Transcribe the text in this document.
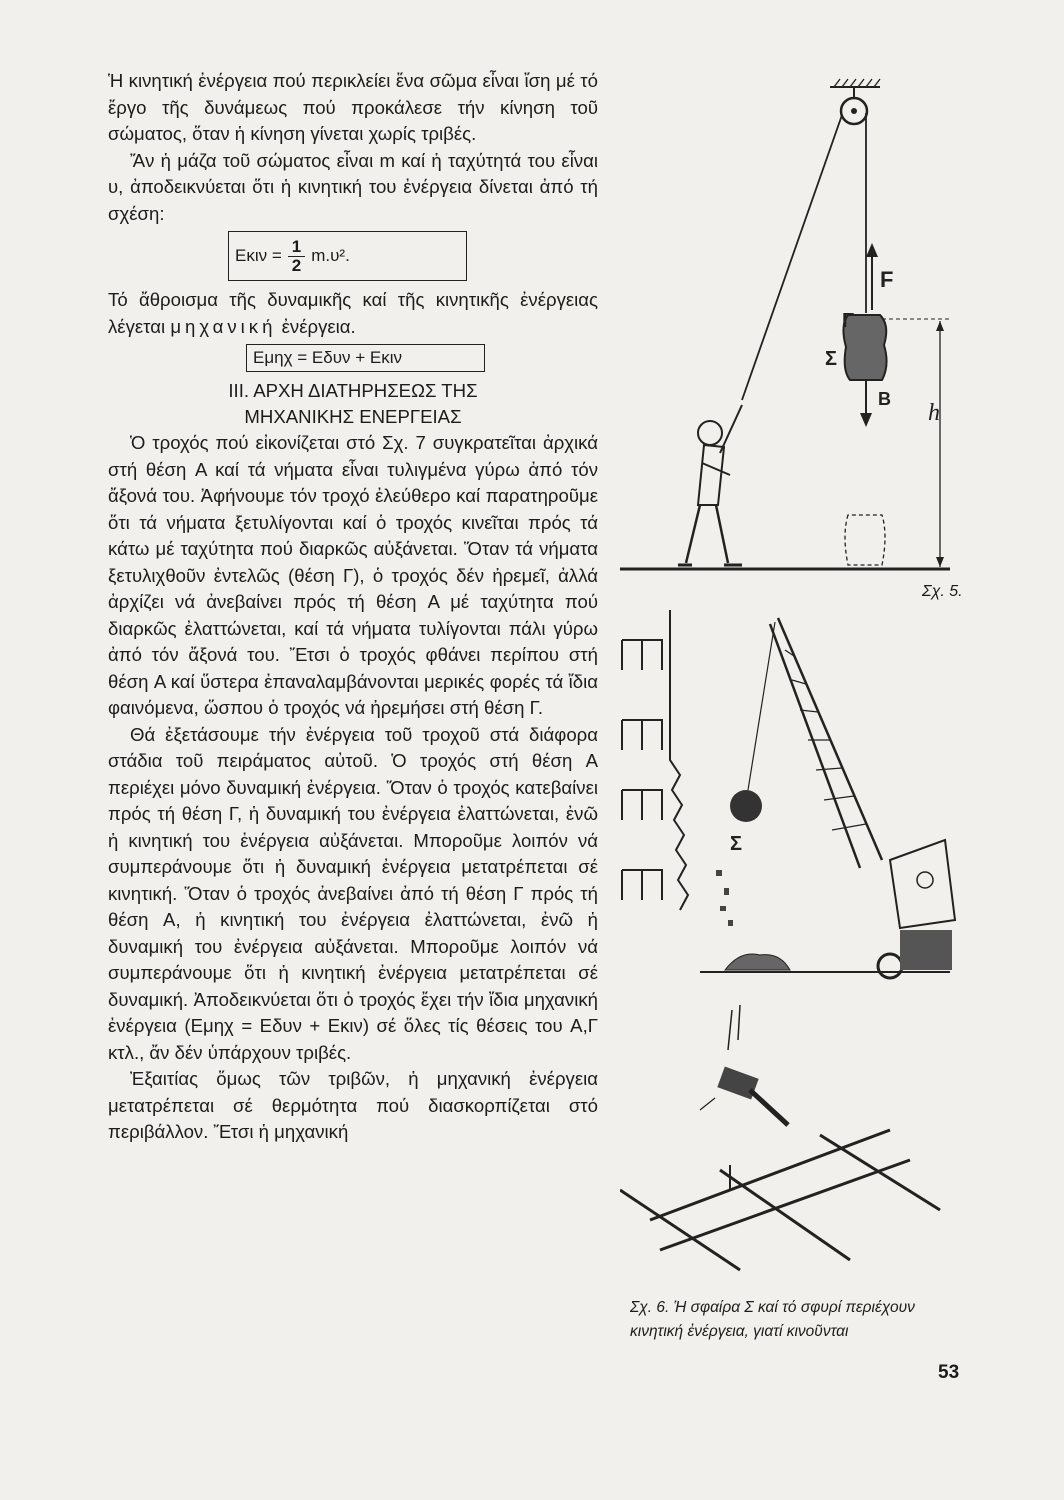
Ἡ κινητική ἐνέργεια πού περικλείει ἕνα σῶμα εἶναι ἴση μέ τό ἔργο τῆς δυνάμεως πού προκάλεσε τήν κίνηση τοῦ σώματος, ὅταν ἡ κίνηση γίνεται χωρίς τριβές.

Ἄν ἡ μάζα τοῦ σώματος εἶναι m καί ἡ ταχύτητά του εἶναι υ, ἀποδεικνύεται ὅτι ἡ κινητική του ἐνέργεια δίνεται ἀπό τή σχέση:

$E\kappa\iota\nu = \frac{1}{2} m.\upsilon^2$.

Τό ἄθροισμα τῆς δυναμικῆς καί τῆς κινητικῆς ἐνέργειας λέγεται μηχανική ἐνέργεια.

Eμηχ = Eδυν + Eκιν

ΙΙΙ. ΑΡΧΗ ΔΙΑΤΗΡΗΣΕΩΣ ΤΗΣ

ΜΗΧΑΝΙΚΗΣ ΕΝΕΡΓΕΙΑΣ

Ὁ τροχός πού εἰκονίζεται στό Σχ. 7 συγκρατεῖται ἀρχικά στή θέση A καί τά νήματα εἶναι τυλιγμένα γύρω ἀπό τόν ἄξονά του. Ἀφήνουμε τόν τροχό ἐλεύθερο καί παρατηροῦμε ὅτι τά νήματα ξετυλίγονται καί ὁ τροχός κινεῖται πρός τά κάτω μέ ταχύτητα πού διαρκῶς αὐξάνεται. Ὅταν τά νήματα ξετυλιχθοῦν ἐντελῶς (θέση Γ), ὁ τροχός δέν ἠρεμεῖ, ἀλλά ἀρχίζει νά ἀνεβαίνει πρός τή θέση A μέ ταχύτητα πού διαρκῶς ἐλαττώνεται, καί τά νήματα τυλίγονται πάλι γύρω ἀπό τόν ἄξονά του. Ἔτσι ὁ τροχός φθάνει περίπου στή θέση A καί ὕστερα ἐπαναλαμβάνονται μερικές φορές τά ἴδια φαινόμενα, ὥσπου ὁ τροχός νά ἠρεμήσει στή θέση Γ.

Θά ἐξετάσουμε τήν ἐνέργεια τοῦ τροχοῦ στά διάφορα στάδια τοῦ πειράματος αὐτοῦ. Ὁ τροχός στή θέση A περιέχει μόνο δυναμική ἐνέργεια. Ὅταν ὁ τροχός κατεβαίνει πρός τή θέση Γ, ἡ δυναμική του ἐνέργεια ἐλαττώνεται, ἐνῶ ἡ κινητική του ἐνέργεια αὐξάνεται. Μποροῦμε λοιπόν νά συμπεράνουμε ὅτι ἡ δυναμική ἐνέργεια μετατρέπεται σέ κινητική. Ὅταν ὁ τροχός ἀνεβαίνει ἀπό τή θέση Γ πρός τή θέση A, ἡ κινητική του ἐνέργεια ἐλαττώνεται, ἐνῶ ἡ δυναμική του ἐνέργεια αὐξάνεται. Μποροῦμε λοιπόν νά συμπεράνουμε ὅτι ἡ κινητική ἐνέργεια μετατρέπεται σέ δυναμική. Ἀποδεικνύεται ὅτι ὁ τροχός ἔχει τήν ἴδια μηχανική ἐνέργεια (Eμηχ = Eδυν + Eκιν) σέ ὅλες τίς θέσεις του A,Γ κτλ., ἄν δέν ὑπάρχουν τριβές.

Ἐξαιτίας ὅμως τῶν τριβῶν, ἡ μηχανική ἐνέργεια μετατρέπεται σέ θερμότητα πού διασκορπίζεται στό περιβάλλον. Ἔτσι ἡ μηχανική

F
Γ
Σ
B
h
Σχ. 5.
Σ
Σχ. 6. Ἡ σφαίρα Σ καί τό σφυρί περιέχουν κινητική ἐνέργεια, γιατί κινοῦνται
53
